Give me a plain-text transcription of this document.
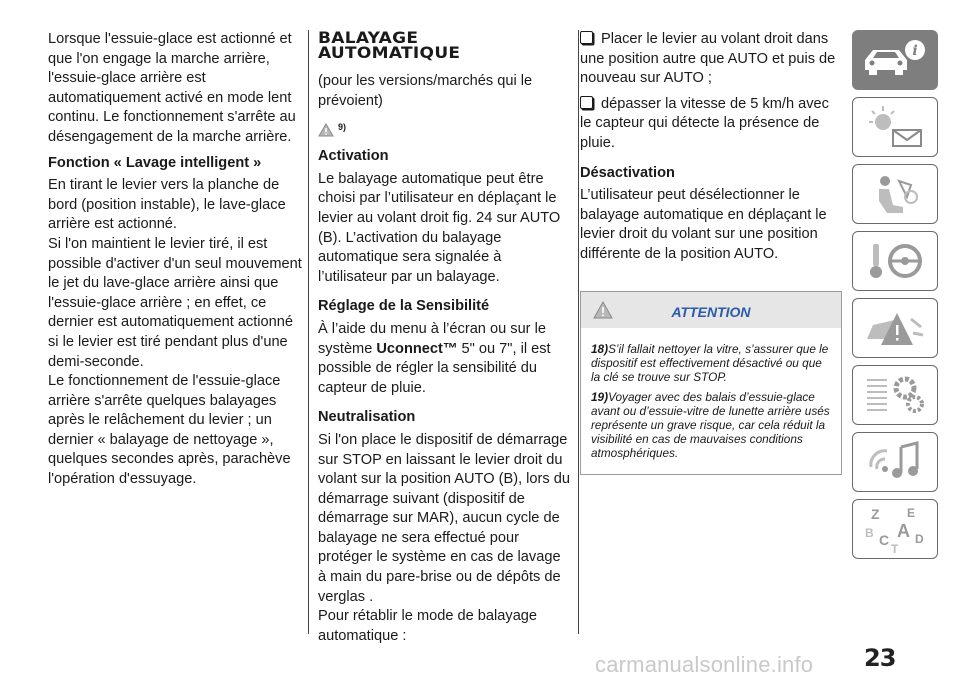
Lorsque l'essuie-glace est actionné et que l'on engage la marche arrière, l'essuie-glace arrière est automatiquement activé en mode lent continu. Le fonctionnement s'arrête au désengagement de la marche arrière.

Fonction « Lavage intelligent »

En tirant le levier vers la planche de bord (position instable), le lave-glace arrière est actionné.

Si l'on maintient le levier tiré, il est possible d'activer d'un seul mouvement le jet du lave-glace arrière ainsi que l'essuie-glace arrière ; en effet, ce dernier est automatiquement actionné si le levier est tiré pendant plus d'une demi-seconde.

Le fonctionnement de l'essuie-glace arrière s'arrête quelques balayages après le relâchement du levier ; un dernier « balayage de nettoyage », quelques secondes après, parachève l'opération d'essuyage.

BALAYAGE
AUTOMATIQUE

(pour les versions/marchés qui le prévoient)

9)
Activation

Le balayage automatique peut être choisi par l’utilisateur en déplaçant le levier au volant droit fig. 24 sur AUTO (B). L’activation du balayage automatique sera signalée à l’utilisateur par un balayage.

Réglage de la Sensibilité

À l’aide du menu à l’écran ou sur le système Uconnect™ 5" ou 7", il est possible de régler la sensibilité du capteur de pluie.

Neutralisation

Si l'on place le dispositif de démarrage sur STOP en laissant le levier droit du volant sur la position AUTO (B), lors du démarrage suivant (dispositif de démarrage sur MAR), aucun cycle de balayage ne sera effectué pour protéger le système en cas de lavage à main du pare-brise ou de dépôts de verglas .

Pour rétablir le mode de balayage automatique :

Placer le levier au volant droit dans une position autre que AUTO et puis de nouveau sur AUTO ;

dépasser la vitesse de 5 km/h avec le capteur qui détecte la présence de pluie.

Désactivation

L’utilisateur peut désélectionner le balayage automatique en déplaçant le levier droit du volant sur une position différente de la position AUTO.

ATTENTION

18)S’il fallait nettoyer la vitre, s’assurer que le dispositif est effectivement désactivé ou que la clé se trouve sur STOP.

19)Voyager avec des balais d’essuie-glace avant ou d’essuie-vitre de lunette arrière usés représente un grave risque, car cela réduit la visibilité en cas de mauvaises conditions atmosphériques.

i
Z E
B A
C D
T
carmanualsonline.info 23
